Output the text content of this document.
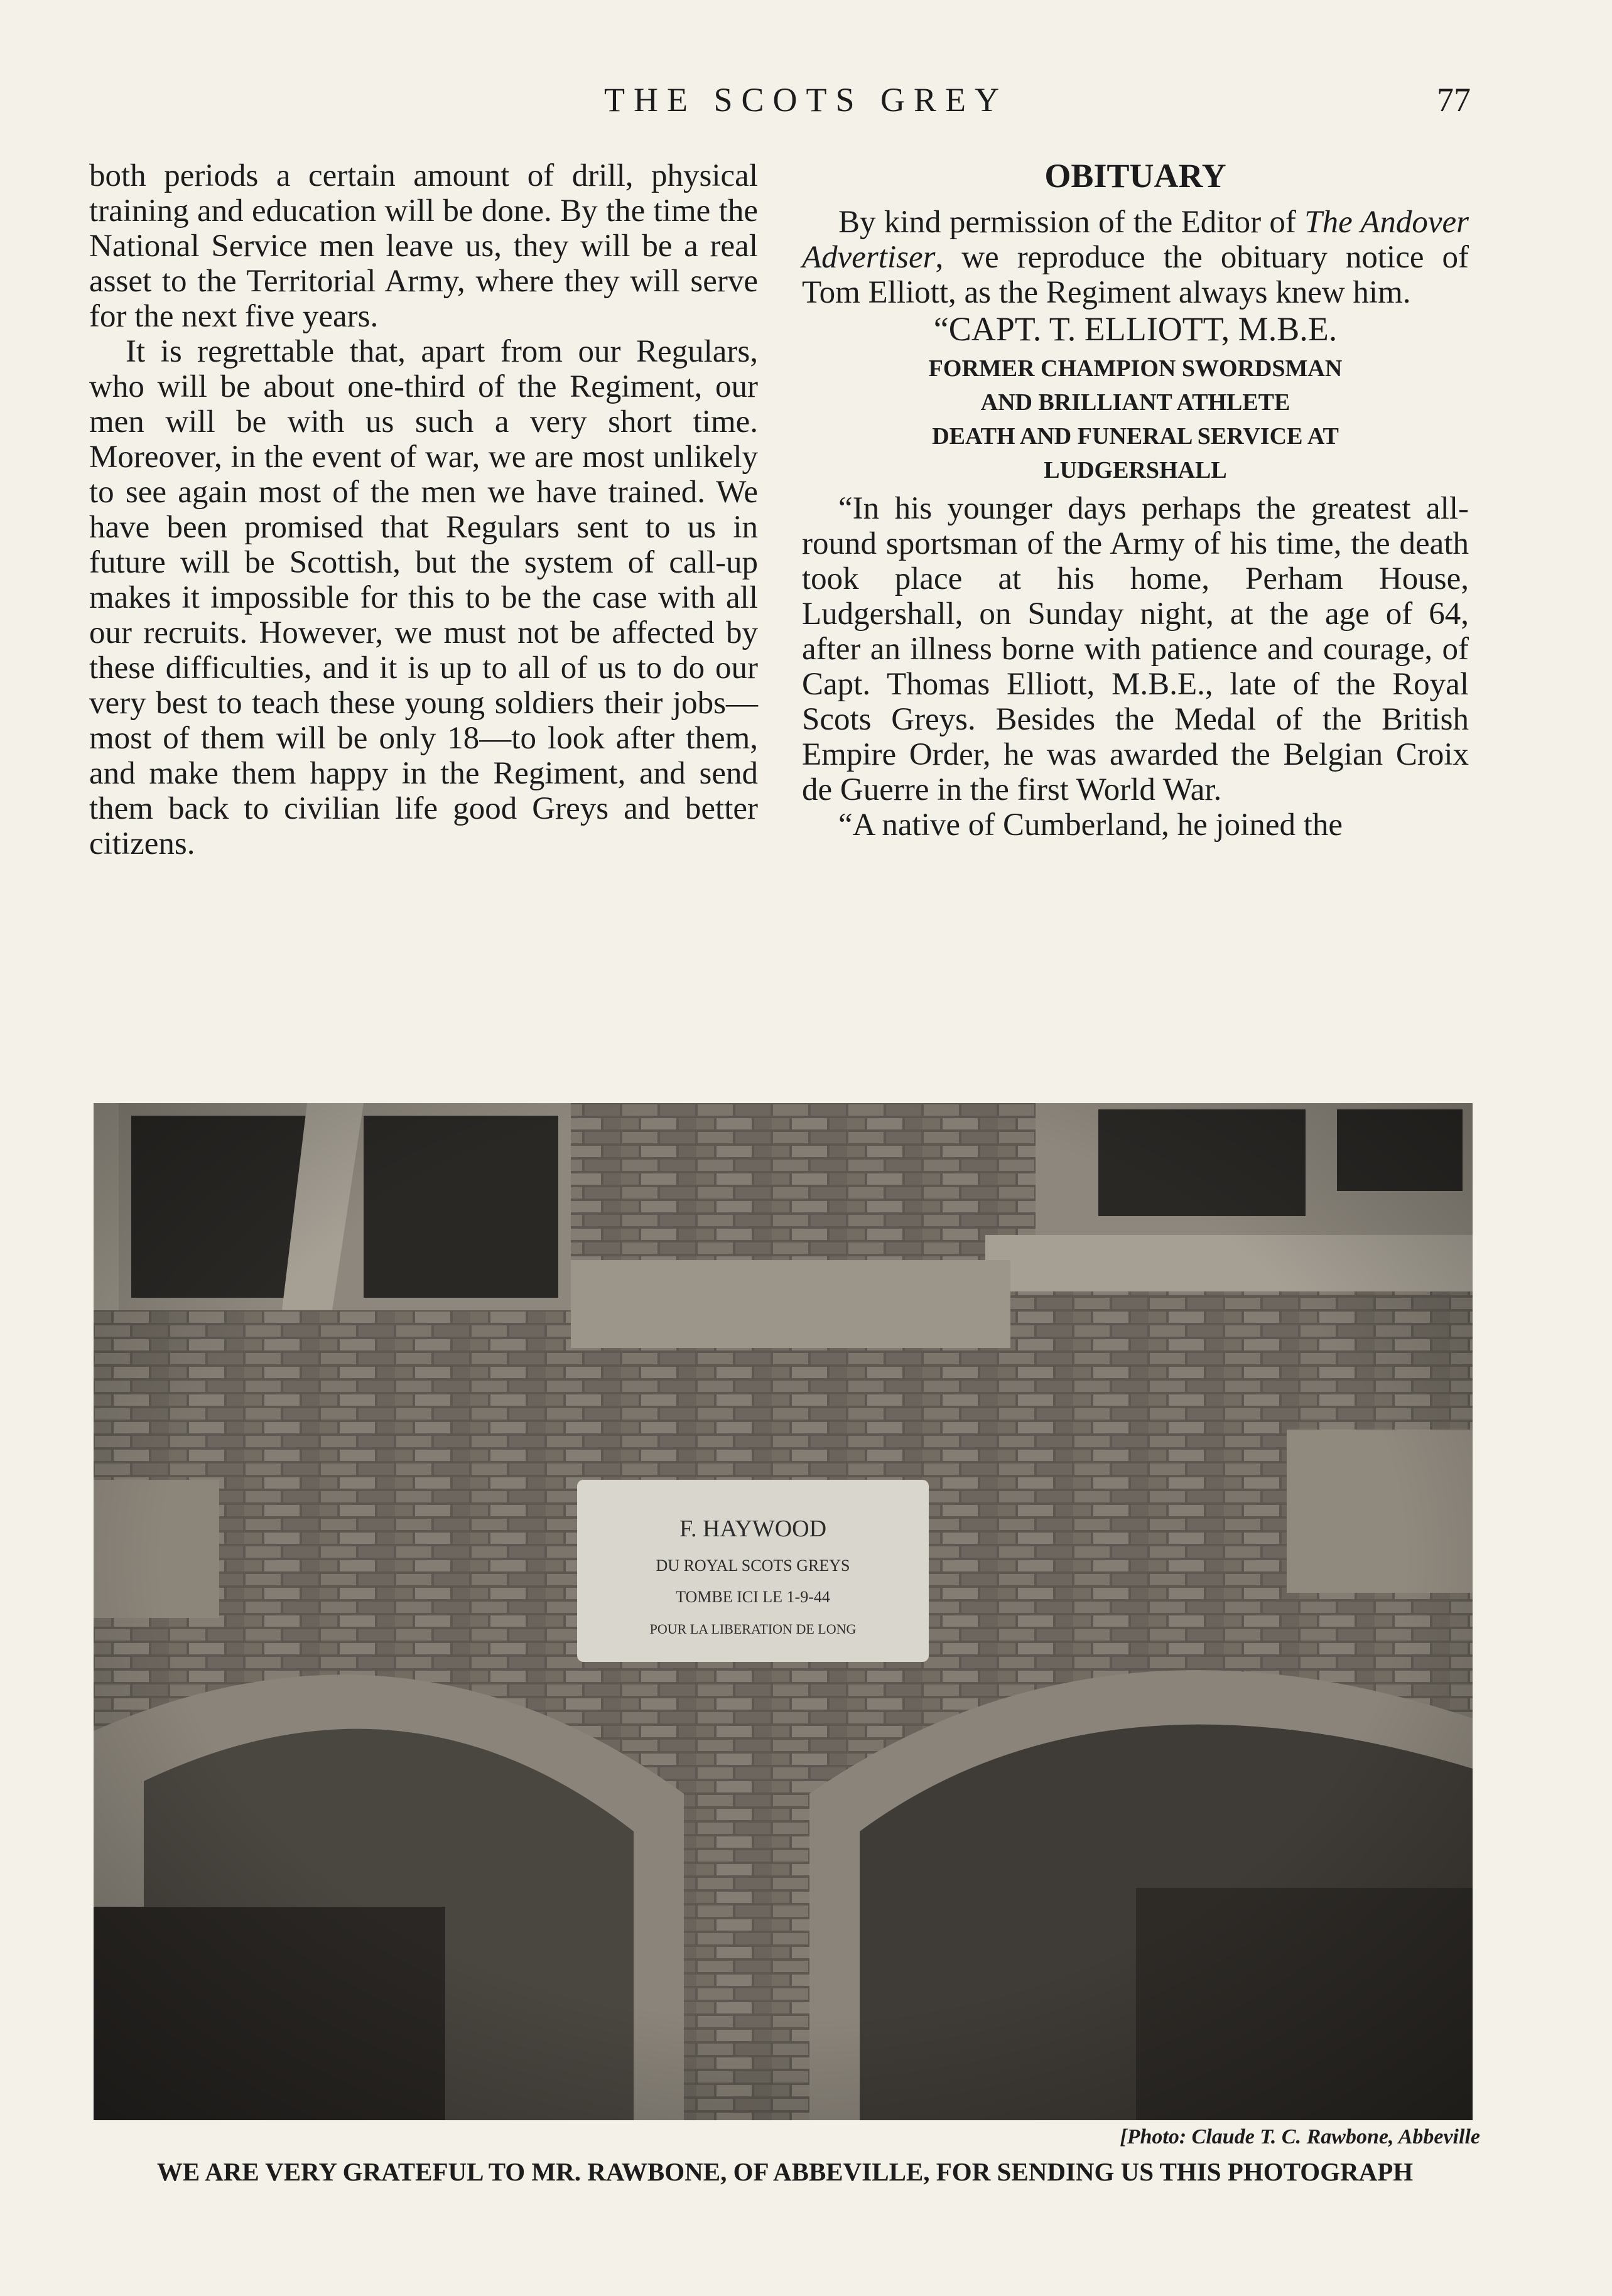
THE SCOTS GREY	77

both periods a certain amount of drill, physical training and education will be done. By the time the National Service men leave us, they will be a real asset to the Territorial Army, where they will serve for the next five years.

It is regrettable that, apart from our Regulars, who will be about one-third of the Regiment, our men will be with us such a very short time. Moreover, in the event of war, we are most unlikely to see again most of the men we have trained. We have been promised that Regulars sent to us in future will be Scottish, but the system of call-up makes it impossible for this to be the case with all our recruits. However, we must not be affected by these difficulties, and it is up to all of us to do our very best to teach these young soldiers their jobs—most of them will be only 18—to look after them, and make them happy in the Regiment, and send them back to civilian life good Greys and better citizens.

OBITUARY

By kind permission of the Editor of The Andover Advertiser, we reproduce the obituary notice of Tom Elliott, as the Regiment always knew him.

“CAPT. T. ELLIOTT, M.B.E.
FORMER CHAMPION SWORDSMAN
AND BRILLIANT ATHLETE
DEATH AND FUNERAL SERVICE AT
LUDGERSHALL

“In his younger days perhaps the greatest all-round sportsman of the Army of his time, the death took place at his home, Perham House, Ludgershall, on Sunday night, at the age of 64, after an illness borne with patience and courage, of Capt. Thomas Elliott, M.B.E., late of the Royal Scots Greys. Besides the Medal of the British Empire Order, he was awarded the Belgian Croix de Guerre in the first World War.

“A native of Cumberland, he joined the

[Photo: Claude T. C. Rawbone, Abbeville
WE ARE VERY GRATEFUL TO MR. RAWBONE, OF ABBEVILLE, FOR SENDING US THIS PHOTOGRAPH
